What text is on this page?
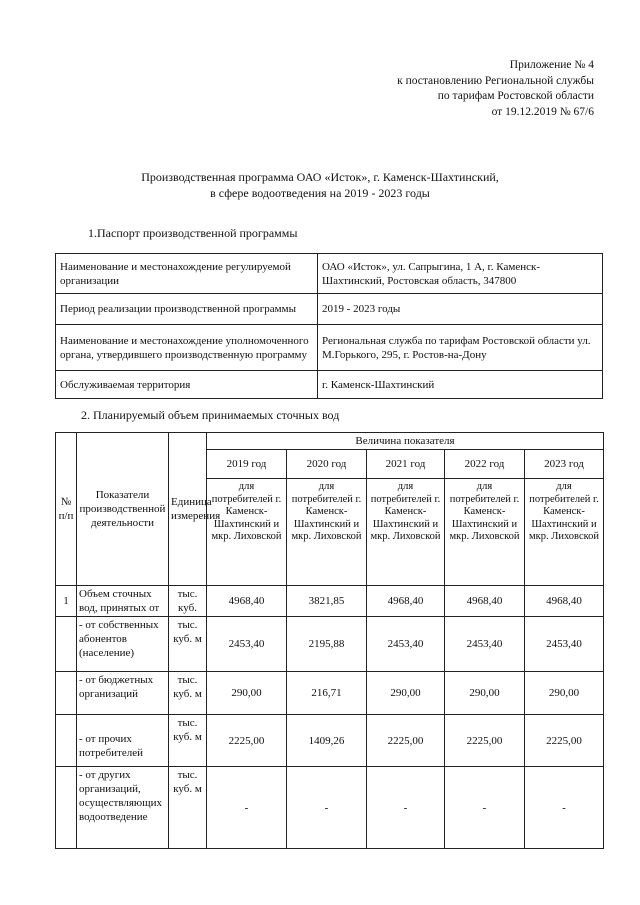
Приложение № 4
к постановлению Региональной службы
по тарифам Ростовской области
от 19.12.2019 № 67/6
Производственная программа ОАО «Исток», г. Каменск-Шахтинский,
в сфере водоотведения на 2019 - 2023 годы
1.Паспорт производственной программы
Наименование и местонахождение регулируемой организации	ОАО «Исток», ул. Сапрыгина, 1 А, г. Каменск-Шахтинский, Ростовская область, 347800
Период реализации производственной программы	2019 - 2023 годы
Наименование и местонахождение уполномоченного органа, утвердившего производственную программу	Региональная служба по тарифам Ростовской области ул. М.Горького, 295, г. Ростов-на-Дону
Обслуживаемая территория	г. Каменск-Шахтинский
2. Планируемый объем принимаемых сточных вод
№ п/п	Показатели производственной деятельности	Единица измерения	Величина показателя				
			2019 год	2020 год	2021 год	2022 год	2023 год
			для потребителей г. Каменск-Шахтинский и мкр. Лиховской	для потребителей г. Каменск-Шахтинский и мкр. Лиховской	для потребителей г. Каменск-Шахтинский и мкр. Лиховской	для потребителей г. Каменск-Шахтинский и мкр. Лиховской	для потребителей г. Каменск-Шахтинский и мкр. Лиховской
1	Объем сточных вод, принятых от	тыс. куб.	4968,40	3821,85	4968,40	4968,40	4968,40
	- от собственных абонентов (население)	тыс. куб. м	2453,40	2195,88	2453,40	2453,40	2453,40
	- от бюджетных организаций	тыс. куб. м	290,00	216,71	290,00	290,00	290,00
	- от прочих потребителей	тыс. куб. м	2225,00	1409,26	2225,00	2225,00	2225,00
	- от других организаций, осуществляющих водоотведение	тыс. куб. м	-	-	-	-	-
